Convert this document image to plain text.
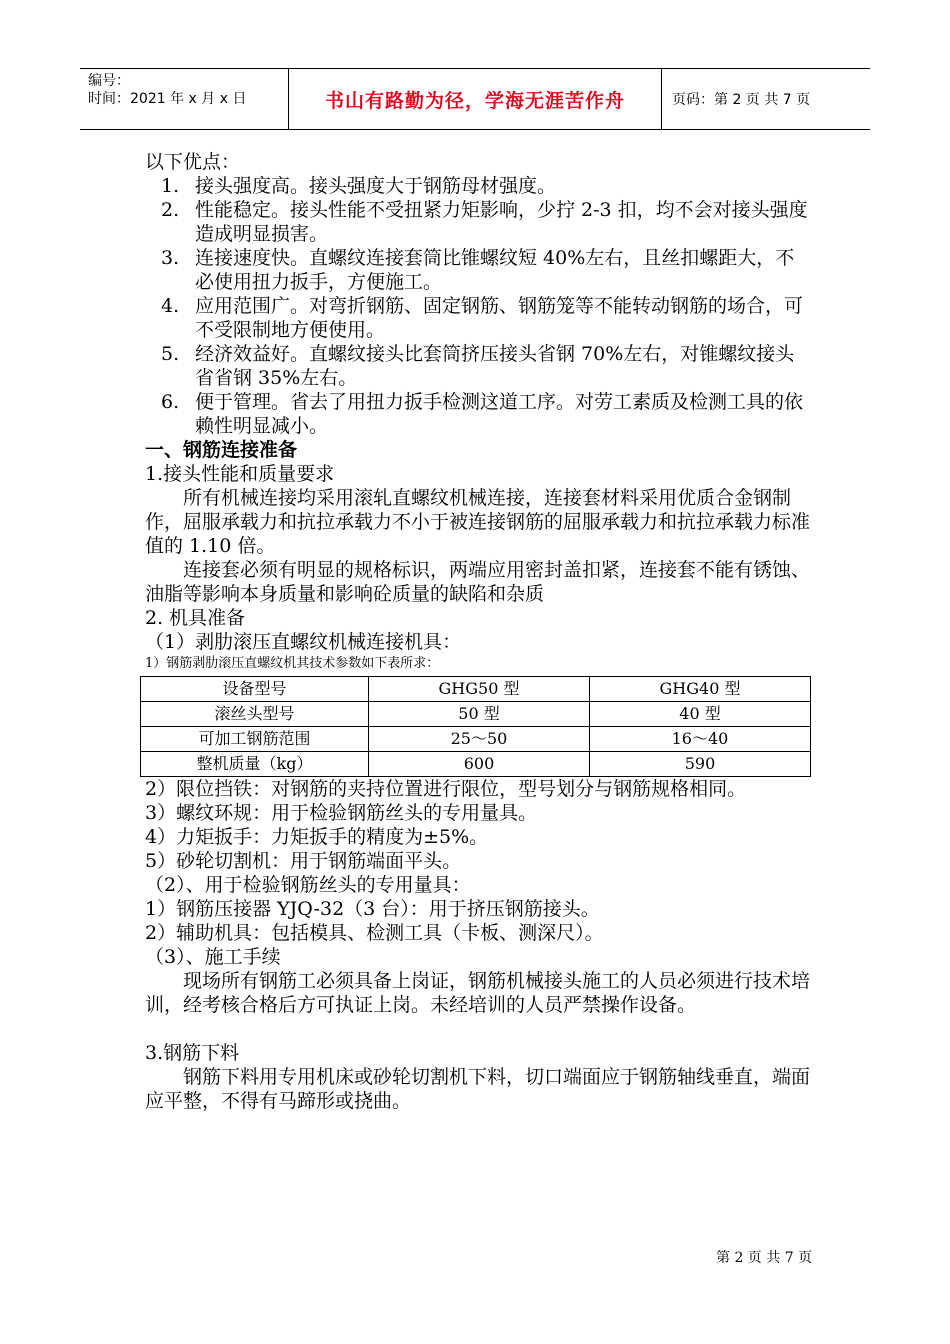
编号：
时间：2021 年 x 月 x 日	书山有路勤为径，学海无涯苦作舟	页码：第 2 页 共 7 页

以下优点：

1. 接头强度高。接头强度大于钢筋母材强度。
2. 性能稳定。接头性能不受扭紧力矩影响，少拧 2-3 扣，均不会对接头强度造成明显损害。
3. 连接速度快。直螺纹连接套筒比锥螺纹短 40%左右，且丝扣螺距大，不必使用扭力扳手，方便施工。
4. 应用范围广。对弯折钢筋、固定钢筋、钢筋笼等不能转动钢筋的场合，可不受限制地方便使用。
5. 经济效益好。直螺纹接头比套筒挤压接头省钢 70%左右，对锥螺纹接头省省钢 35%左右。
6. 便于管理。省去了用扭力扳手检测这道工序。对劳工素质及检测工具的依赖性明显减小。

一、钢筋连接准备

1.接头性能和质量要求

所有机械连接均采用滚轧直螺纹机械连接，连接套材料采用优质合金钢制作，屈服承载力和抗拉承载力不小于被连接钢筋的屈服承载力和抗拉承载力标准值的 1.10 倍。

连接套必须有明显的规格标识，两端应用密封盖扣紧，连接套不能有锈蚀、油脂等影响本身质量和影响砼质量的缺陷和杂质

2. 机具准备

（1）剥肋滚压直螺纹机械连接机具：

1）钢筋剥肋滚压直螺纹机其技术参数如下表所求：

设备型号	GHG50 型	GHG40 型
滚丝头型号	50 型	40 型
可加工钢筋范围	25～50	16～40
整机质量（kg）	600	590

2）限位挡铁：对钢筋的夹持位置进行限位，型号划分与钢筋规格相同。

3）螺纹环规：用于检验钢筋丝头的专用量具。

4）力矩扳手：力矩扳手的精度为±5%。

5）砂轮切割机：用于钢筋端面平头。

（2）、用于检验钢筋丝头的专用量具：

1）钢筋压接器 YJQ-32（3 台）：用于挤压钢筋接头。

2）辅助机具：包括模具、检测工具（卡板、测深尺）。

（3）、施工手续

现场所有钢筋工必须具备上岗证，钢筋机械接头施工的人员必须进行技术培训，经考核合格后方可执证上岗。未经培训的人员严禁操作设备。

3.钢筋下料

钢筋下料用专用机床或砂轮切割机下料，切口端面应于钢筋轴线垂直，端面应平整，不得有马蹄形或挠曲。

第 2 页 共 7 页
